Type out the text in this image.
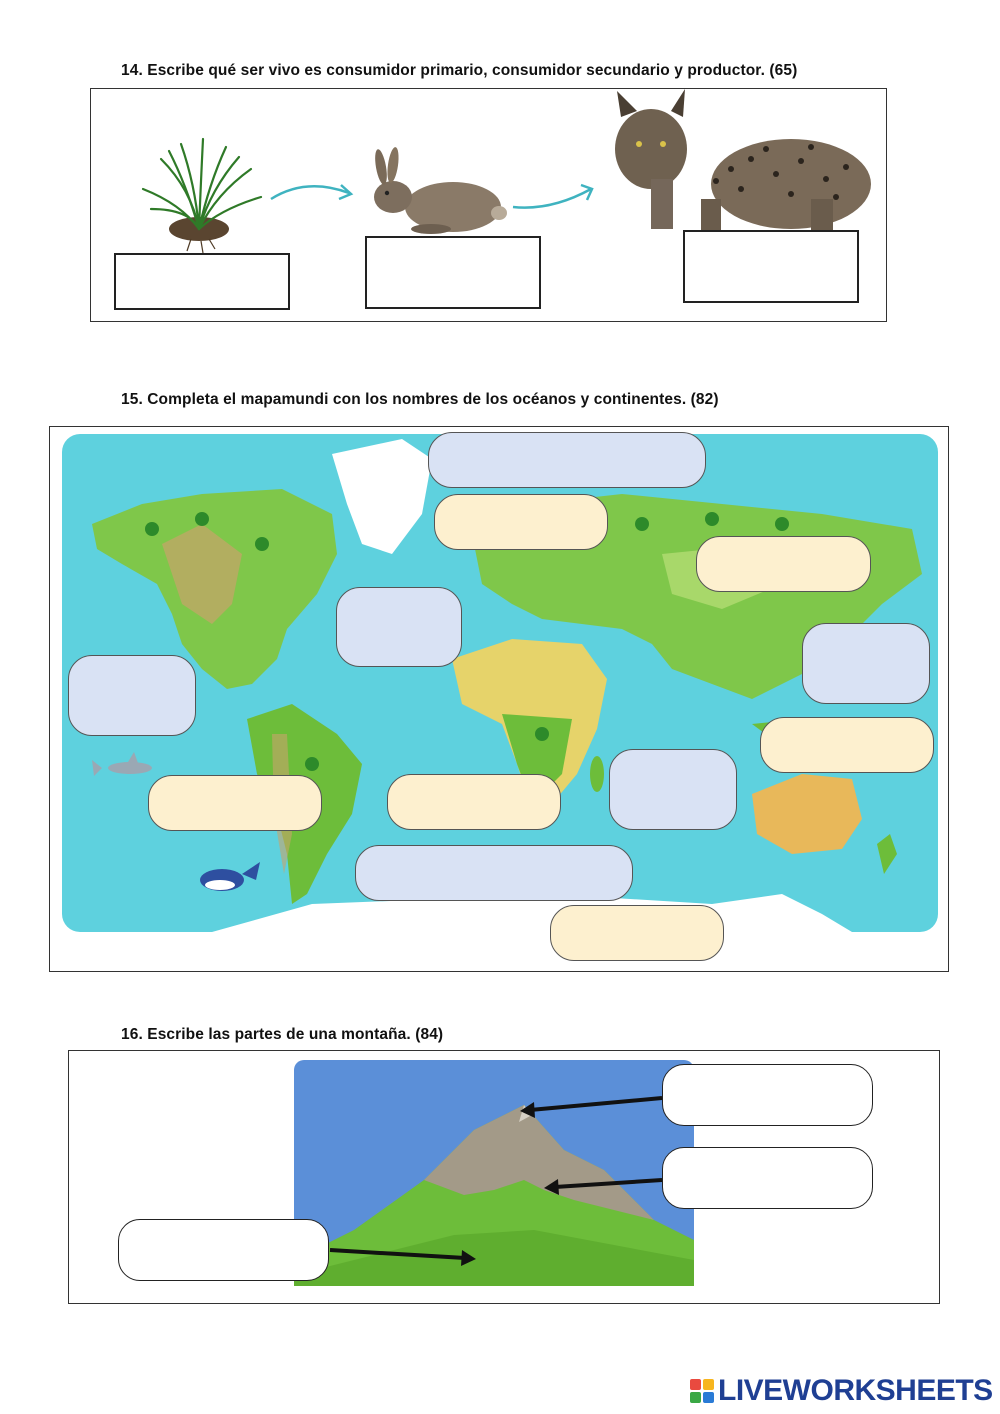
14. Escribe qué ser vivo es consumidor primario, consumidor secundario y productor. (65)
15. Completa el mapamundi con los nombres de los océanos y continentes. (82)
16. Escribe las partes de una montaña. (84)
LIVEWORKSHEETS
